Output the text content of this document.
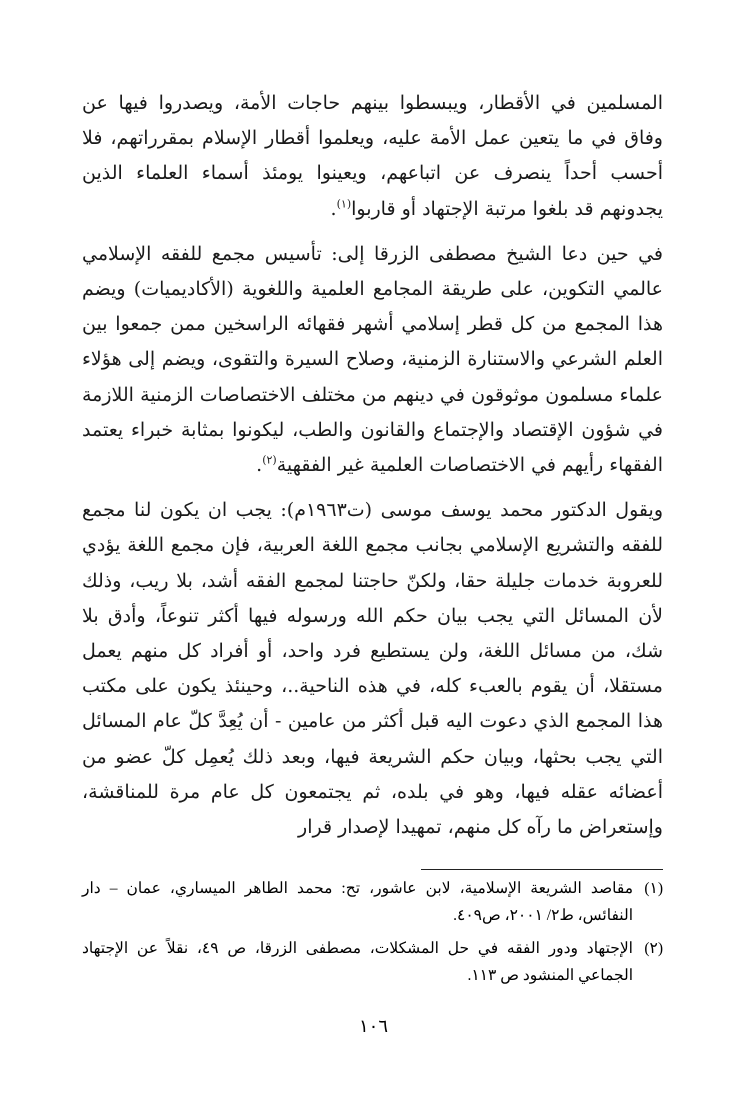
المسلمين في الأقطار، ويبسطوا بينهم حاجات الأمة، ويصدروا فيها عن وفاق في ما يتعين عمل الأمة عليه، ويعلموا أقطار الإسلام بمقرراتهم، فلا أحسب أحداً ينصرف عن اتباعهم، ويعينوا يومئذ أسماء العلماء الذين يجدونهم قد بلغوا مرتبة الإجتهاد أو قاربوا$^{(١)}$.

في حين دعا الشيخ مصطفى الزرقا إلى: تأسيس مجمع للفقه الإسلامي عالمي التكوين، على طريقة المجامع العلمية واللغوية (الأكاديميات) ويضم هذا المجمع من كل قطر إسلامي أشهر فقهائه الراسخين ممن جمعوا بين العلم الشرعي والاستنارة الزمنية، وصلاح السيرة والتقوى، ويضم إلى هؤلاء علماء مسلمون موثوقون في دينهم من مختلف الاختصاصات الزمنية اللازمة في شؤون الإقتصاد والإجتماع والقانون والطب، ليكونوا بمثابة خبراء يعتمد الفقهاء رأيهم في الاختصاصات العلمية غير الفقهية$^{(٢)}$.

ويقول الدكتور محمد يوسف موسى (ت١٩٦٣م): يجب ان يكون لنا مجمع للفقه والتشريع الإسلامي بجانب مجمع اللغة العربية، فإن مجمع اللغة يؤدي للعروبة خدمات جليلة حقا، ولكنّ حاجتنا لمجمع الفقه أشد، بلا ريب، وذلك لأن المسائل التي يجب بيان حكم الله ورسوله فيها أكثر تنوعاً، وأدق بلا شك، من مسائل اللغة، ولن يستطيع فرد واحد، أو أفراد كل منهم يعمل مستقلا، أن يقوم بالعبء كله، في هذه الناحية..، وحينئذ يكون على مكتب هذا المجمع الذي دعوت اليه قبل أكثر من عامين - أن يُعِدَّ كلّ عام المسائل التي يجب بحثها، وبيان حكم الشريعة فيها، وبعد ذلك يُعمِل كلّ عضو من أعضائه عقله فيها، وهو في بلده، ثم يجتمعون كل عام مرة للمناقشة، وإستعراض ما رآه كل منهم، تمهيدا لإصدار قرار

(١)
مقاصد الشريعة الإسلامية، لابن عاشور، تح: محمد الطاهر الميساري، عمان – دار النفائس، ط٢/ ٢٠٠١، ص٤٠٩.

(٢)
الإجتهاد ودور الفقه في حل المشكلات، مصطفى الزرقا، ص ٤٩، نقلاً عن الإجتهاد الجماعي المنشود ص ١١٣.

١٠٦
